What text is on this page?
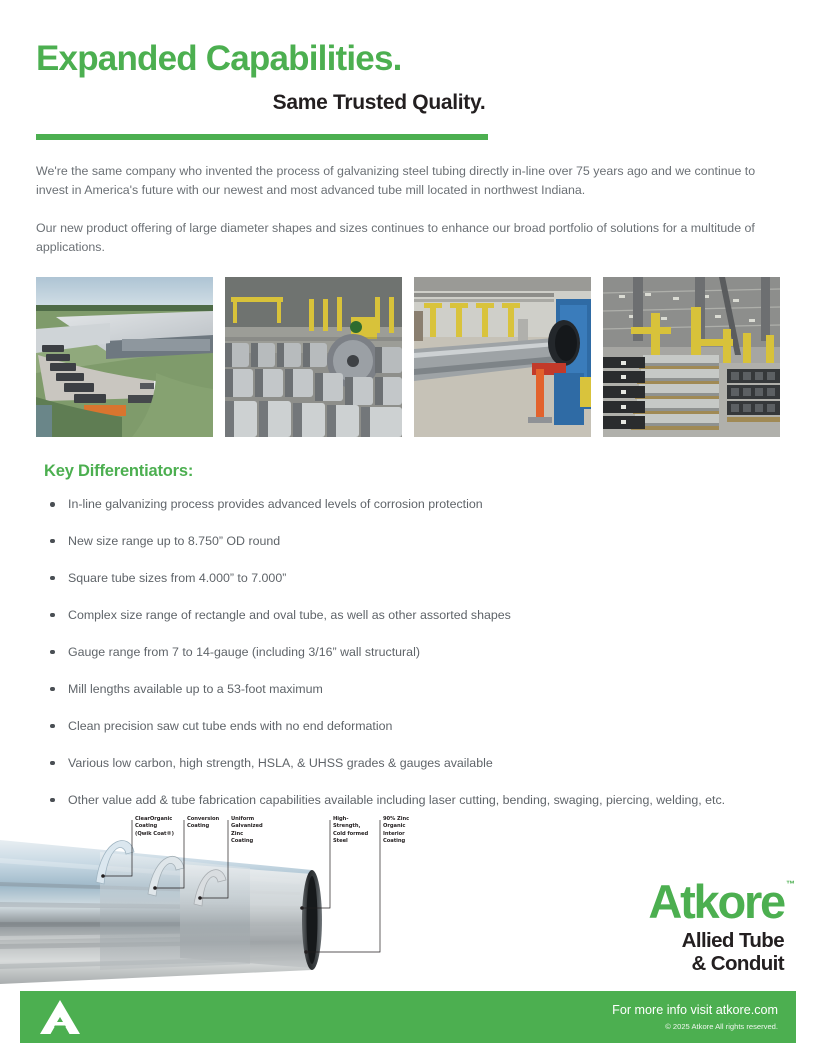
Expanded Capabilities.
Same Trusted Quality.

We're the same company who invented the process of galvanizing steel tubing directly in-line over 75 years ago and we continue to invest in America's future with our newest and most advanced tube mill located in northwest Indiana.

Our new product offering of large diameter shapes and sizes continues to enhance our broad portfolio of solutions for a multitude of applications.

Key Differentiators:
In-line galvanizing process provides advanced levels of corrosion protection
New size range up to 8.750” OD round
Square tube sizes from 4.000” to 7.000”
Complex size range of rectangle and oval tube, as well as other assorted shapes
Gauge range from 7 to 14-gauge (including 3/16” wall structural)
Mill lengths available up to a 53-foot maximum
Clean precision saw cut tube ends with no end deformation
Various low carbon, high strength, HSLA, & UHSS grades & gauges available
Other value add & tube fabrication capabilities available including laser cutting, bending, swaging, piercing, welding, etc.
ClearOrganic
Coating
(Qwik Coat®)
Conversion
Coating
Uniform
Galvanized
Zinc
Coating
High-
Strength,
Cold formed
Steel
90% Zinc
Organic
Interior
Coating
Atkore ™
Allied Tube
& Conduit
For more info visit atkore.com
© 2025 Atkore All rights reserved.
